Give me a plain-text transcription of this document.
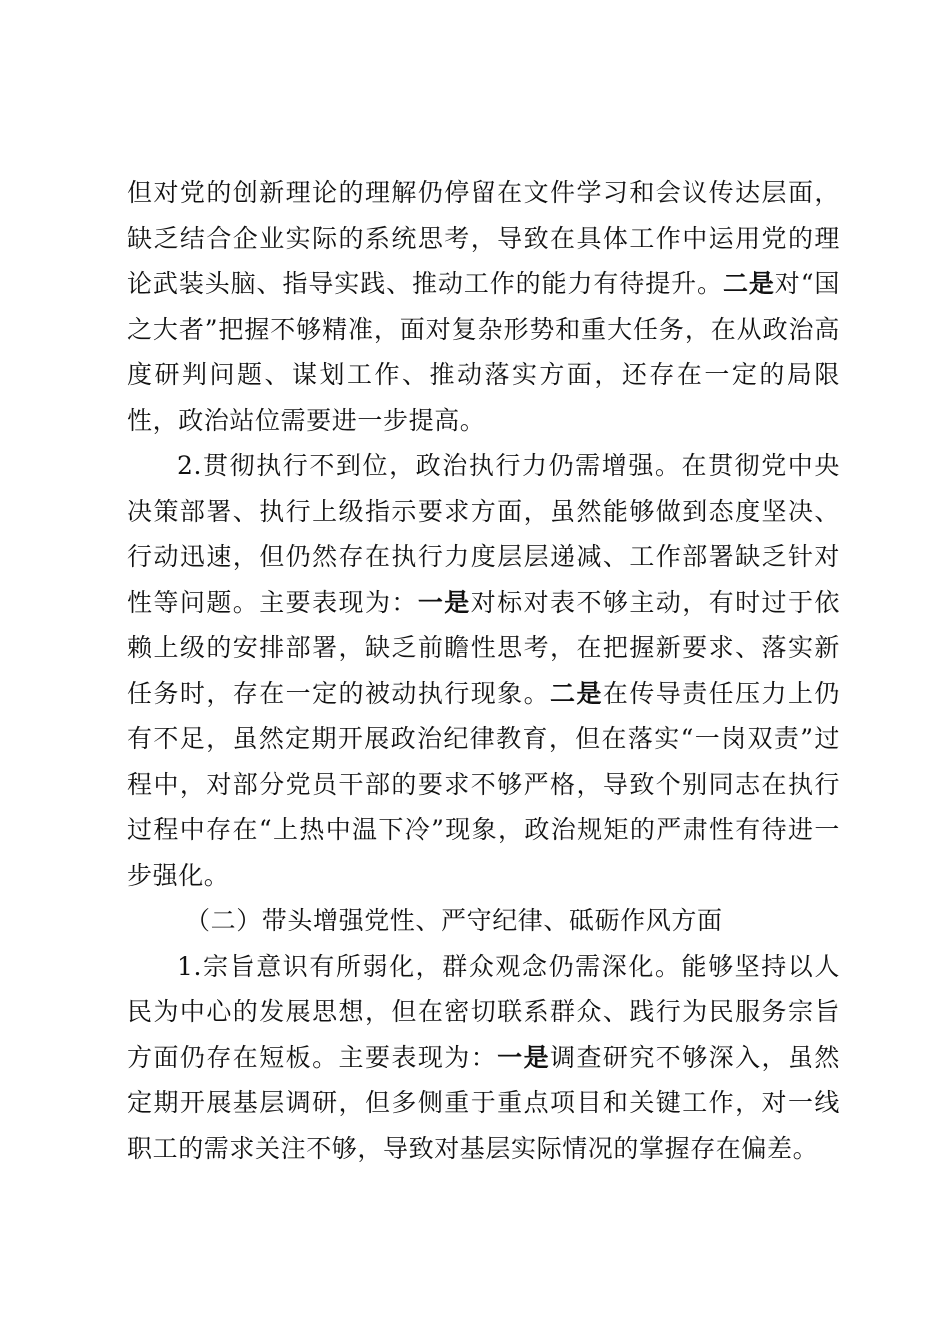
但对党的创新理论的理解仍停留在文件学习和会议传达层面，缺乏结合企业实际的系统思考，导致在具体工作中运用党的理论武装头脑、指导实践、推动工作的能力有待提升。二是对“国之大者”把握不够精准，面对复杂形势和重大任务，在从政治高度研判问题、谋划工作、推动落实方面，还存在一定的局限性，政治站位需要进一步提高。

2.贯彻执行不到位，政治执行力仍需增强。在贯彻党中央决策部署、执行上级指示要求方面，虽然能够做到态度坚决、行动迅速，但仍然存在执行力度层层递减、工作部署缺乏针对性等问题。主要表现为：一是对标对表不够主动，有时过于依赖上级的安排部署，缺乏前瞻性思考，在把握新要求、落实新任务时，存在一定的被动执行现象。二是在传导责任压力上仍有不足，虽然定期开展政治纪律教育，但在落实“一岗双责”过程中，对部分党员干部的要求不够严格，导致个别同志在执行过程中存在“上热中温下冷”现象，政治规矩的严肃性有待进一步强化。

（二）带头增强党性、严守纪律、砥砺作风方面

1.宗旨意识有所弱化，群众观念仍需深化。能够坚持以人民为中心的发展思想，但在密切联系群众、践行为民服务宗旨方面仍存在短板。主要表现为：一是调查研究不够深入，虽然定期开展基层调研，但多侧重于重点项目和关键工作，对一线职工的需求关注不够，导致对基层实际情况的掌握存在偏差。
